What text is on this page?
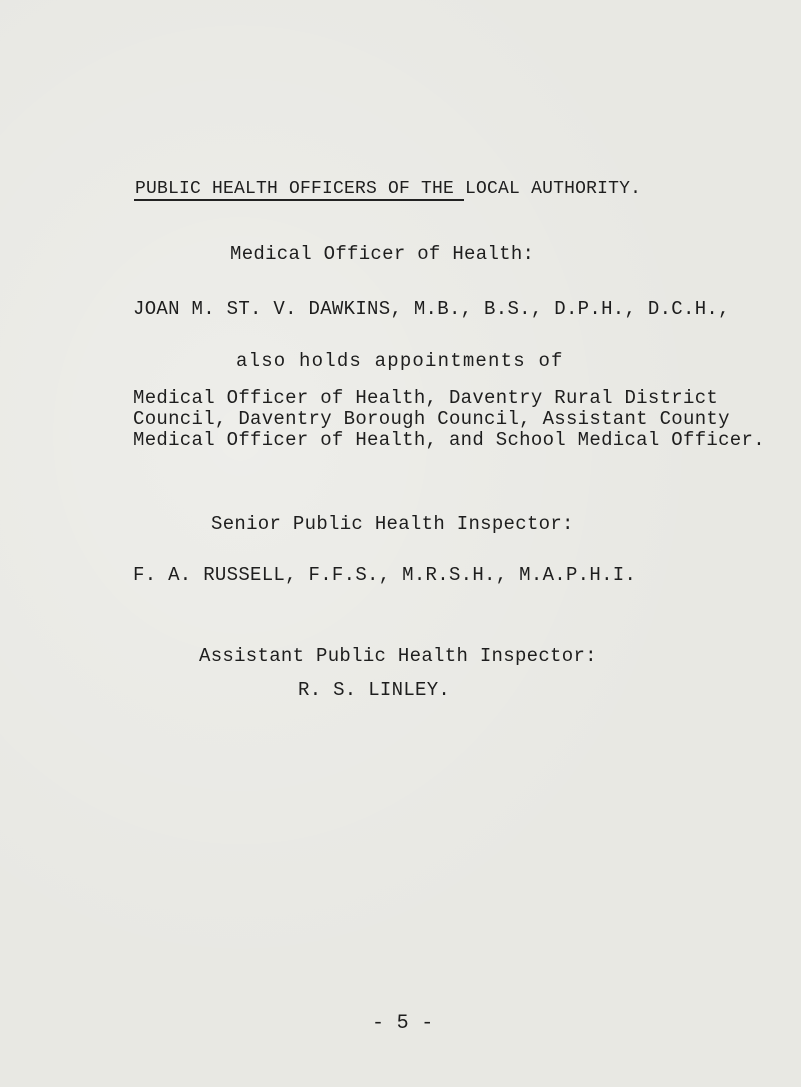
PUBLIC HEALTH OFFICERS OF THE LOCAL AUTHORITY.
Medical Officer of Health:
JOAN M. ST. V. DAWKINS, M.B., B.S., D.P.H., D.C.H.,
also holds appointments of
Medical Officer of Health, Daventry Rural District
Council, Daventry Borough Council, Assistant County
Medical Officer of Health, and School Medical Officer.
Senior Public Health Inspector:
F. A. RUSSELL, F.F.S., M.R.S.H., M.A.P.H.I.
Assistant Public Health Inspector:
R. S. LINLEY.
- 5 -
